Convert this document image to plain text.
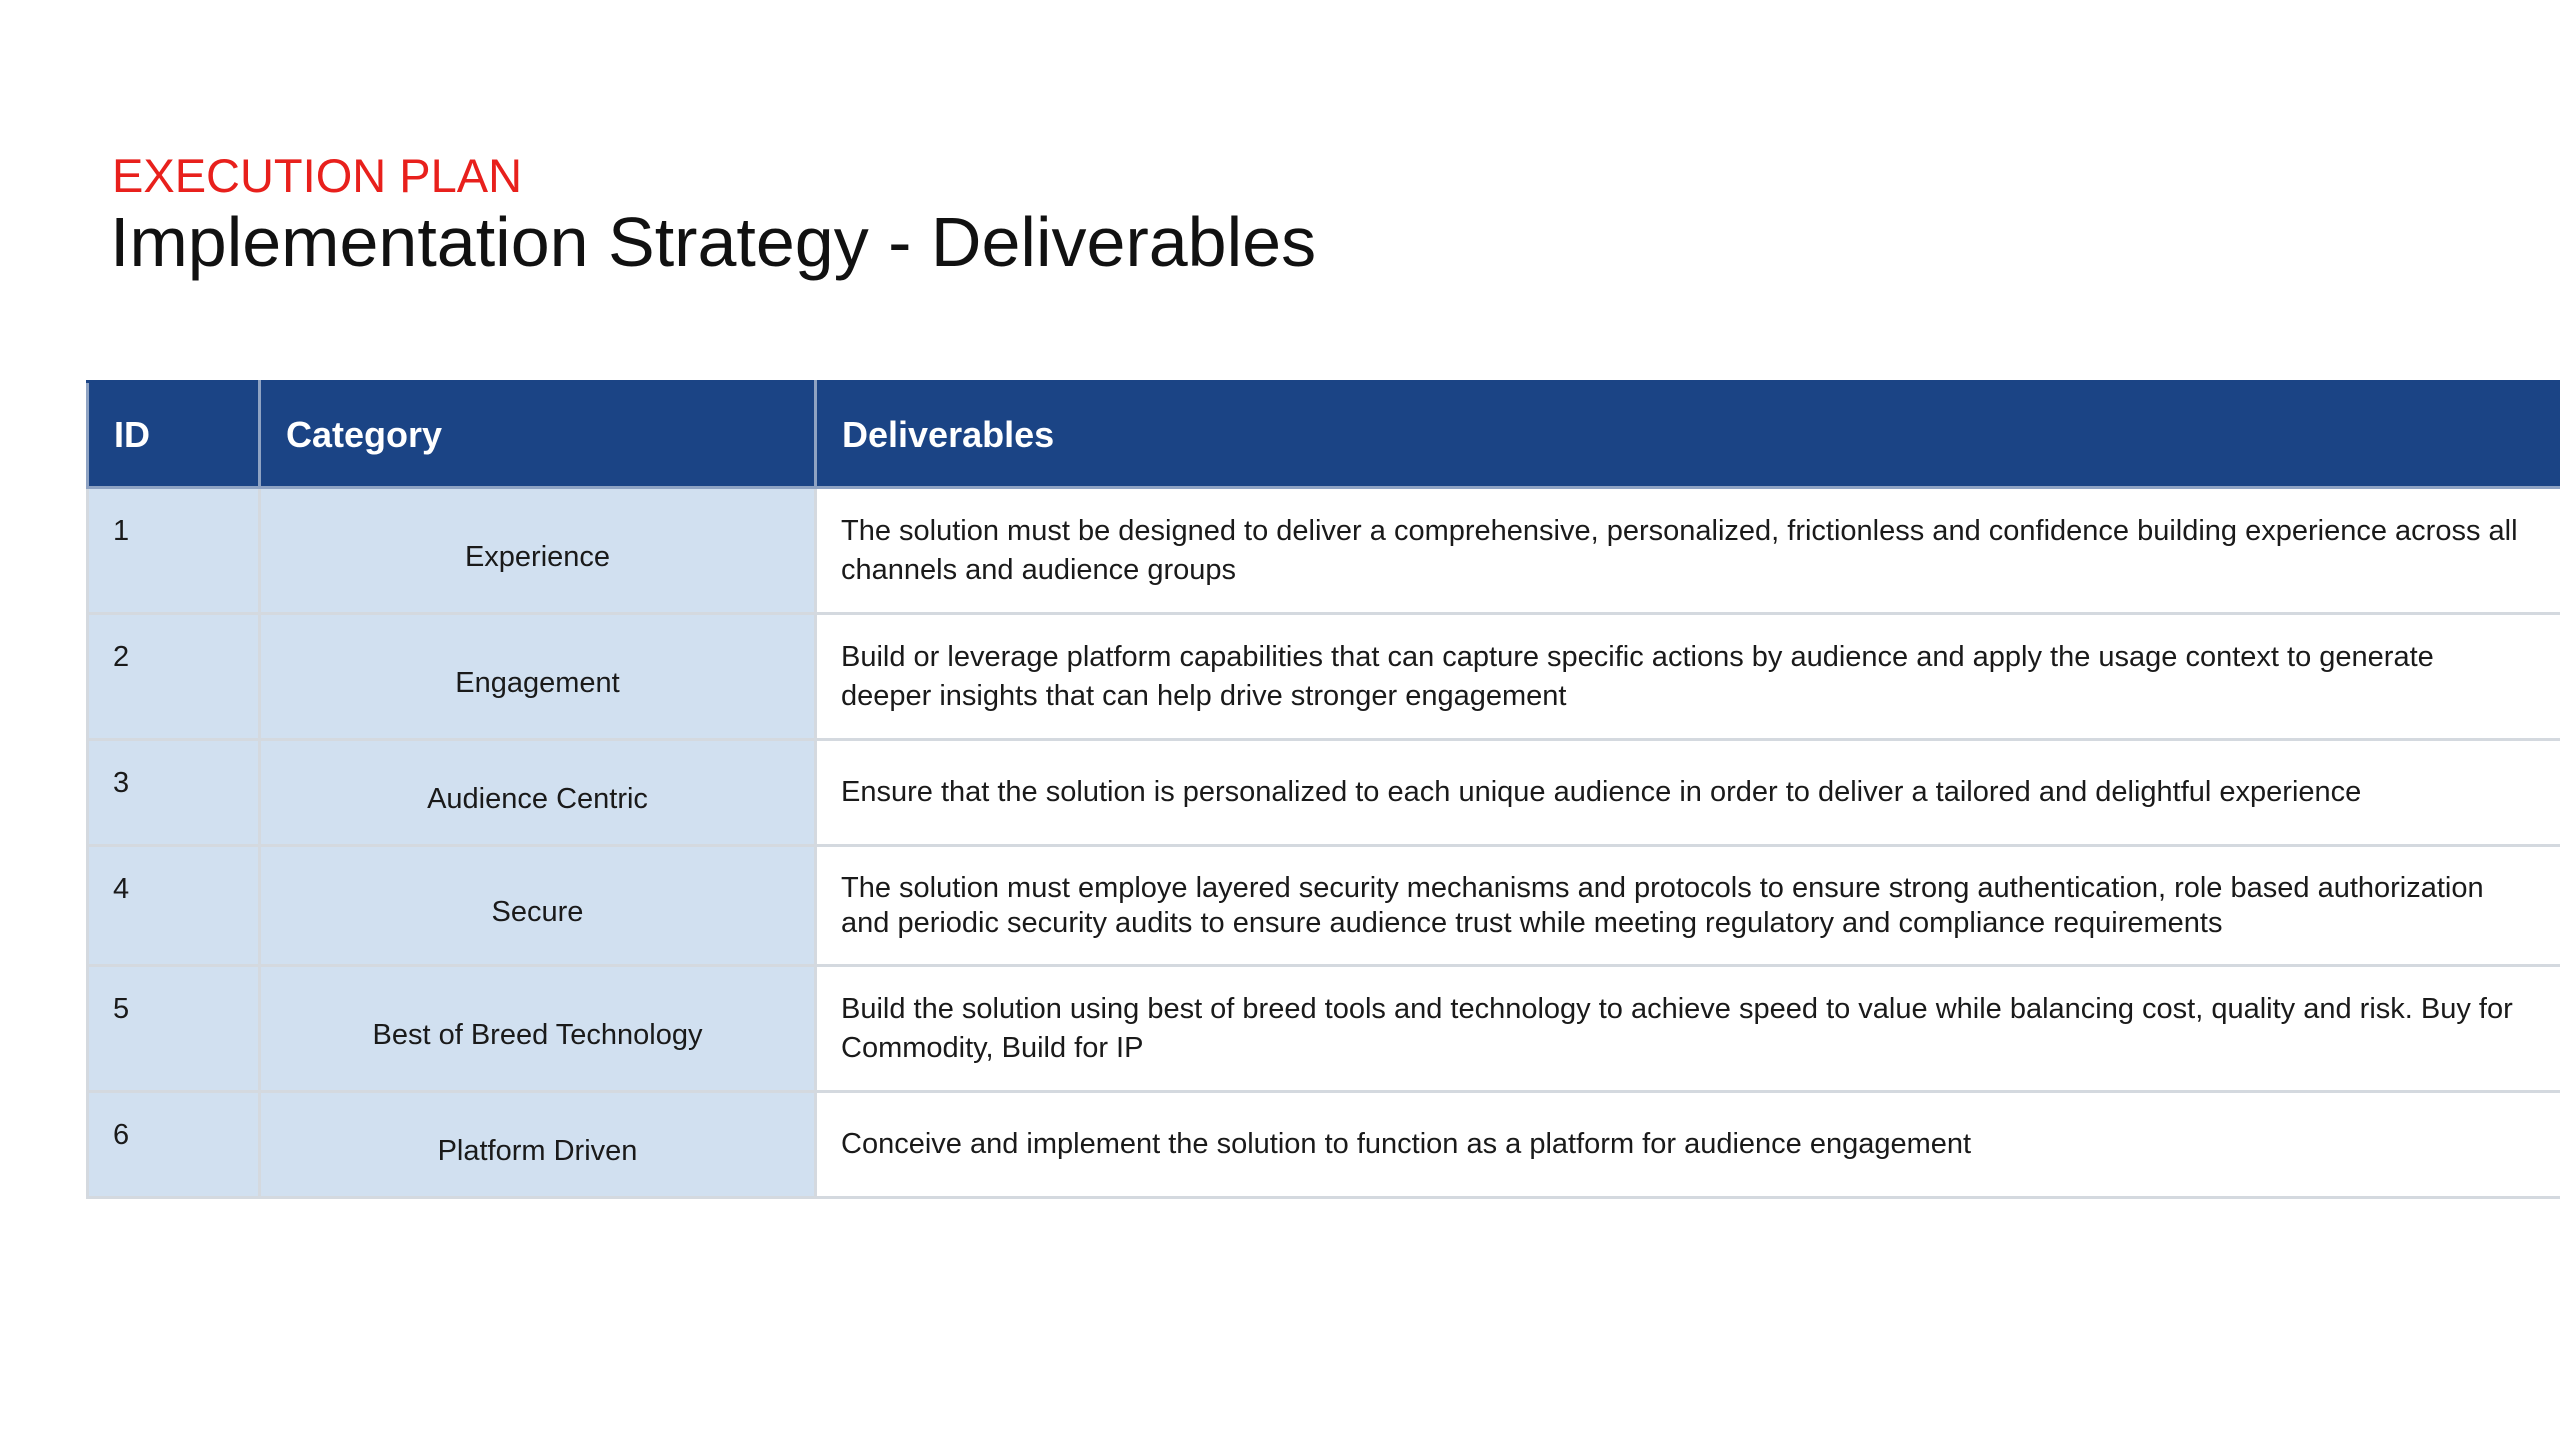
EXECUTION PLAN
Implementation Strategy - Deliverables
ID	Category	Deliverables
1	Experience	The solution must be designed to deliver a comprehensive, personalized, frictionless and confidence building experience across all channels and audience groups
2	Engagement	Build or leverage platform capabilities that can capture specific actions by audience and apply the usage context to generate deeper insights that can help drive stronger engagement
3	Audience Centric	Ensure that the solution is personalized to each unique audience in order to deliver a tailored and delightful experience
4	Secure	The solution must employe layered security mechanisms and protocols to ensure strong authentication, role based authorization and periodic security audits to ensure audience trust while meeting regulatory and compliance requirements
5	Best of Breed Technology	Build the solution using best of breed tools and technology to achieve speed to value while balancing cost, quality and risk. Buy for Commodity, Build for IP
6	Platform Driven	Conceive and implement the solution to function as a platform for audience engagement
